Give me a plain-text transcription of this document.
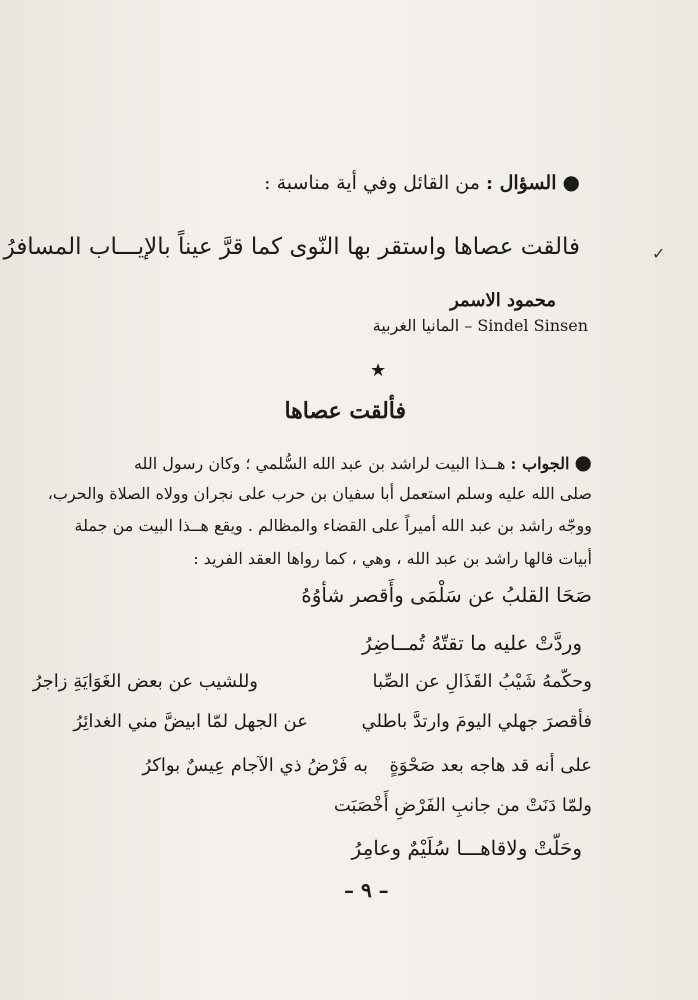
● السؤال : من القائل وفي أية مناسبة :
فالقت عصاها واستقر بها النّوى كما قرَّ عيناً بالإيـــاب المسافرُ	✓
محمود الاسمر
Sindel Sinsen – المانيا الغربية
★
فألقت عصاها
● الجواب : هــذا البيت لراشد بن عبد الله السُّلمي ؛ وكان رسول الله
صلى الله عليه وسلم استعمل أبا سفيان بن حرب على نجران وولاه الصلاة والحرب،
ووجّه راشد بن عبد الله أميراً على القضاء والمظالم . ويقع هــذا البيت من جملة
أبيات قالها راشد بن عبد الله ، وهي ، كما رواها العقد الفريد :
صَحَا القلبُ عن سَلْمَى وأَقصر شأوُهُ
وردَّتْ عليه ما تقتّهُ تُمــاضِرُ
وحكّمهُ شَيْبُ القَذَالِ عن الصِّبا
وللشيب عن بعض الغَوَايَةِ زاجرُ
فأقصرَ جهلي اليومَ وارتدَّ باطلي
عن الجهل لمّا ابيضَّ مني الغدائِرُ
على أنه قد هاجه بعد صَحْوَةٍ
به فَرْضُ ذي الآجام عِيسٌ بواكرُ
ولمّا دَنَتْ من جانبِ الفَرْضِ أَخْصَبَت
وحَلّتْ ولاقاهـــا سُلَيْمٌ وعامِرُ
– ٩ –
